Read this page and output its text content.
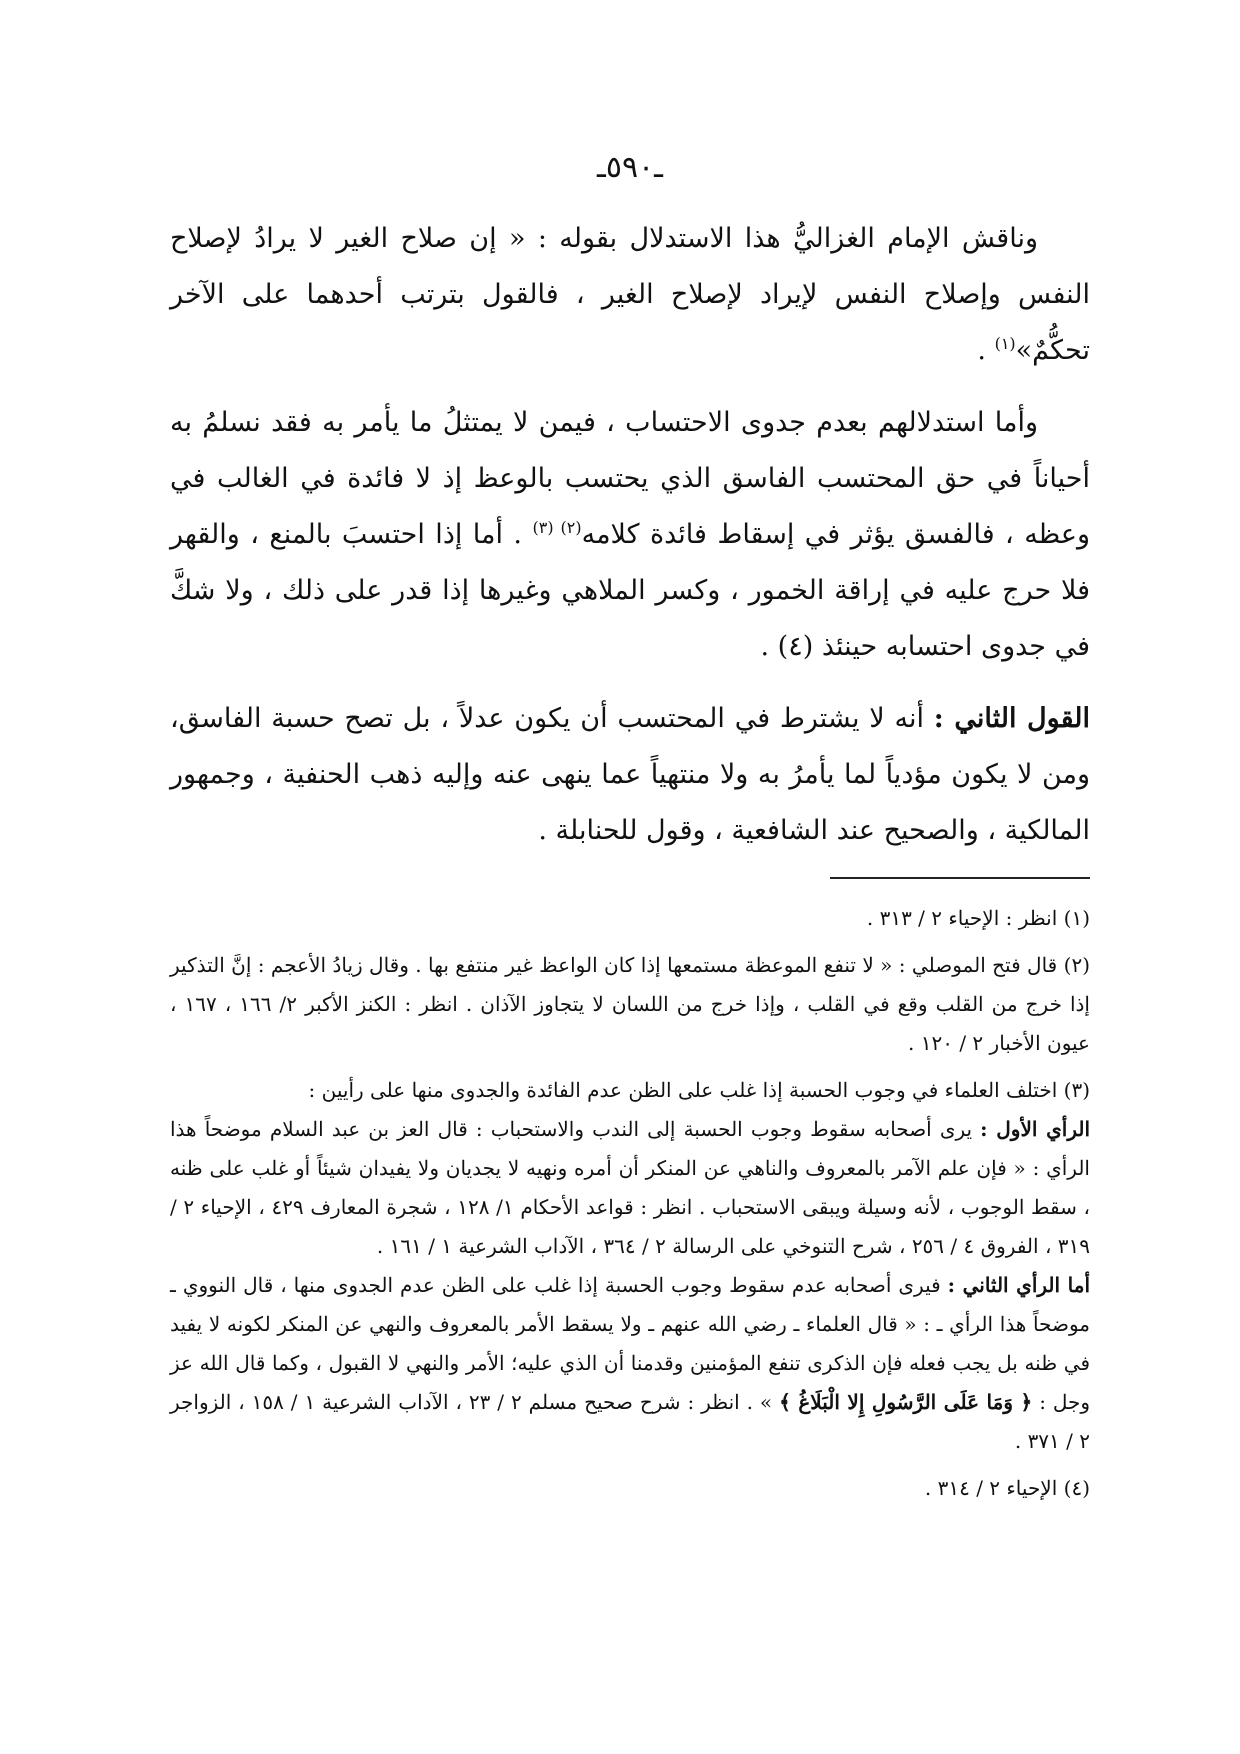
ـ٥٩٠ـ

وناقش الإمام الغزاليُّ هذا الاستدلال بقوله : « إن صلاح الغير لا يرادُ لإصلاح النفس وإصلاح النفس لإيراد لإصلاح الغير ، فالقول بترتب أحدهما على الآخر تحكُّمٌ»$^{(١)}$ .

وأما استدلالهم بعدم جدوى الاحتساب ، فيمن لا يمتثلُ ما يأمر به فقد نسلمُ به أحياناً في حق المحتسب الفاسق الذي يحتسب بالوعظ إذ لا فائدة في الغالب في وعظه ، فالفسق يؤثر في إسقاط فائدة كلامه$^{(٢) (٣)}$ . أما إذا احتسبَ بالمنع ، والقهر فلا حرج عليه في إراقة الخمور ، وكسر الملاهي وغيرها إذا قدر على ذلك ، ولا شكَّ في جدوى احتسابه حينئذ (٤) .

القول الثاني : أنه لا يشترط في المحتسب أن يكون عدلاً ، بل تصح حسبة الفاسق، ومن لا يكون مؤدياً لما يأمرُ به ولا منتهياً عما ينهى عنه وإليه ذهب الحنفية ، وجمهور المالكية ، والصحيح عند الشافعية ، وقول للحنابلة .

(١) انظر : الإحياء ٢ / ٣١٣ .

(٢) قال فتح الموصلي : « لا تنفع الموعظة مستمعها إذا كان الواعظ غير منتفع بها . وقال زيادُ الأعجم : إنَّ التذكير إذا خرج من القلب وقع في القلب ، وإذا خرج من اللسان لا يتجاوز الآذان . انظر : الكنز الأكبر ٢/ ١٦٦ ، ١٦٧ ، عيون الأخبار ٢ / ١٢٠ .

(٣) اختلف العلماء في وجوب الحسبة إذا غلب على الظن عدم الفائدة والجدوى منها على رأيين :

الرأي الأول : يرى أصحابه سقوط وجوب الحسبة إلى الندب والاستحباب : قال العز بن عبد السلام موضحاً هذا الرأي : « فإن علم الآمر بالمعروف والناهي عن المنكر أن أمره ونهيه لا يجديان ولا يفيدان شيئاً أو غلب على ظنه ، سقط الوجوب ، لأنه وسيلة ويبقى الاستحباب . انظر : قواعد الأحكام ١/ ١٢٨ ، شجرة المعارف ٤٢٩ ، الإحياء ٢ / ٣١٩ ، الفروق ٤ / ٢٥٦ ، شرح التنوخي على الرسالة ٢ / ٣٦٤ ، الآداب الشرعية ١ / ١٦١ .

أما الرأي الثاني : فيرى أصحابه عدم سقوط وجوب الحسبة إذا غلب على الظن عدم الجدوى منها ، قال النووي ـ موضحاً هذا الرأي ـ : « قال العلماء ـ رضي الله عنهم ـ ولا يسقط الأمر بالمعروف والنهي عن المنكر لكونه لا يفيد في ظنه بل يجب فعله فإن الذكرى تنفع المؤمنين وقدمنا أن الذي عليه؛ الأمر والنهي لا القبول ، وكما قال الله عز وجل : ﴿ وَمَا عَلَى الرَّسُولِ إِلا الْبَلَاغُ ﴾ » . انظر : شرح صحيح مسلم ٢ / ٢٣ ، الآداب الشرعية ١ / ١٥٨ ، الزواجر ٢ / ٣٧١ .

(٤) الإحياء ٢ / ٣١٤ .
